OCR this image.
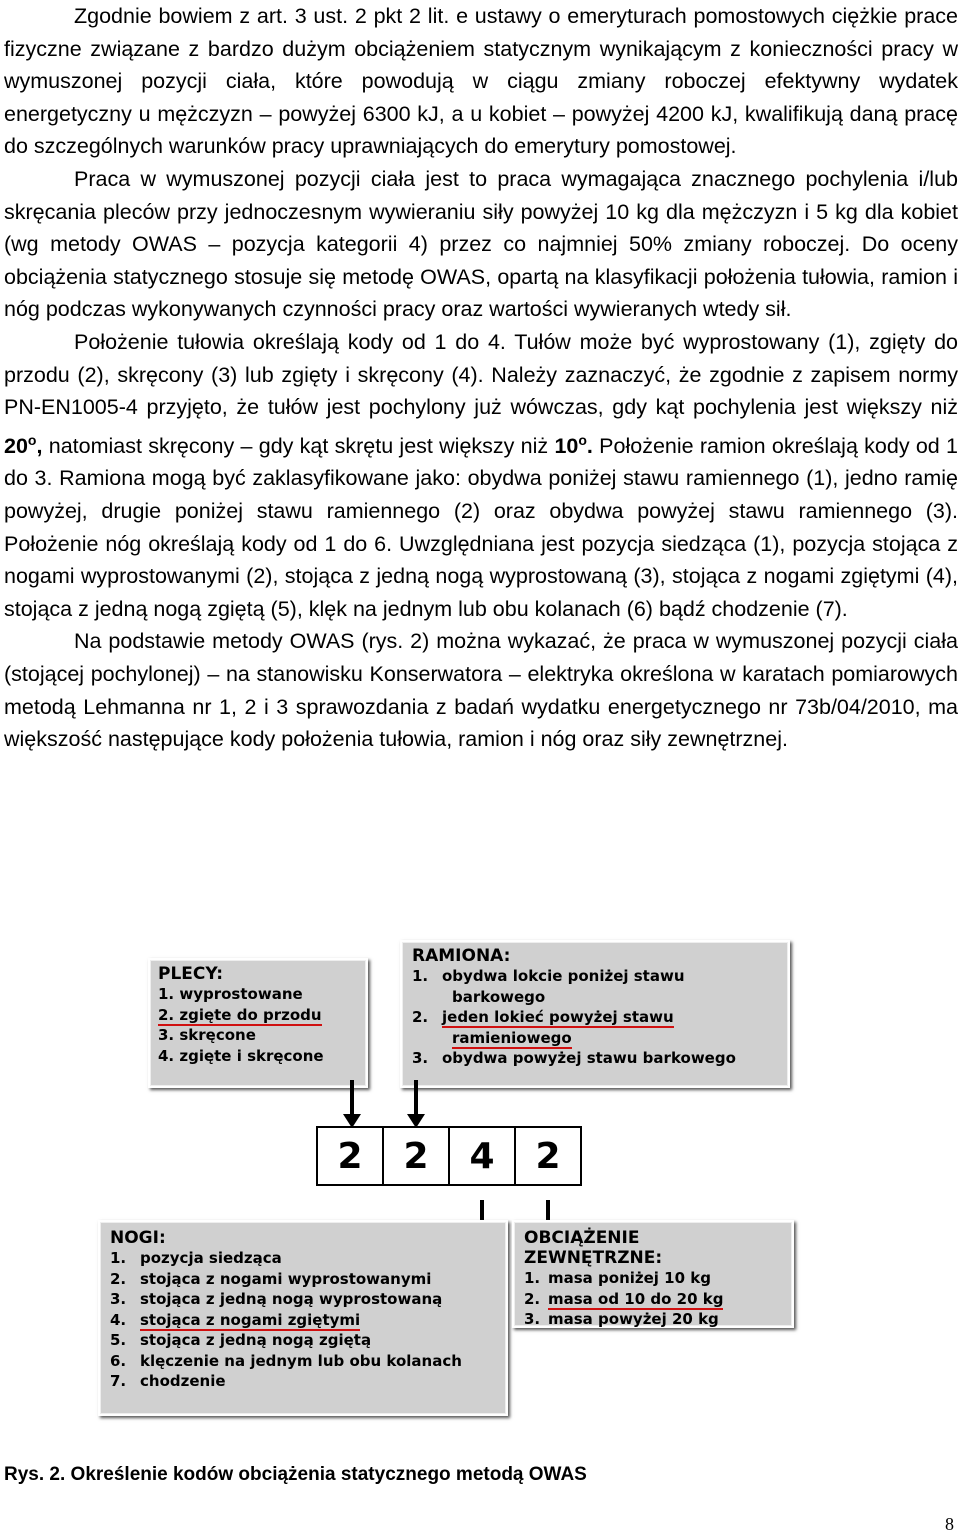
Zgodnie bowiem z art. 3 ust. 2 pkt 2 lit. e ustawy o emeryturach pomostowych ciężkie prace fizyczne związane z bardzo dużym obciążeniem statycznym wynikającym z konieczności pracy w wymuszonej pozycji ciała, które powodują w ciągu zmiany roboczej efektywny wydatek energetyczny u mężczyzn – powyżej 6300 kJ, a u kobiet – powyżej 4200 kJ, kwalifikują daną pracę do szczególnych warunków pracy uprawniających do emerytury pomostowej.

Praca w wymuszonej pozycji ciała jest to praca wymagająca znacznego pochylenia i/lub skręcania pleców przy jednoczesnym wywieraniu siły powyżej 10 kg dla mężczyzn i 5 kg dla kobiet (wg metody OWAS – pozycja kategorii 4) przez co najmniej 50% zmiany roboczej. Do oceny obciążenia statycznego stosuje się metodę OWAS, opartą na klasyfikacji położenia tułowia, ramion i nóg podczas wykonywanych czynności pracy oraz wartości wywieranych wtedy sił.

Położenie tułowia określają kody od 1 do 4. Tułów może być wyprostowany (1), zgięty do przodu (2), skręcony (3) lub zgięty i skręcony (4). Należy zaznaczyć, że zgodnie z zapisem normy PN-EN1005-4 przyjęto, że tułów jest pochylony już wówczas, gdy kąt pochylenia jest większy niż 20$^o$, natomiast skręcony – gdy kąt skrętu jest większy niż 10$^o$. Położenie ramion określają kody od 1 do 3. Ramiona mogą być zaklasyfikowane jako: obydwa poniżej stawu ramiennego (1), jedno ramię powyżej, drugie poniżej stawu ramiennego (2) oraz obydwa powyżej stawu ramiennego (3). Położenie nóg określają kody od 1 do 6. Uwzględniana jest pozycja siedząca (1), pozycja stojąca z nogami wyprostowanymi (2), stojąca z jedną nogą wyprostowaną (3), stojąca z nogami zgiętymi (4), stojąca z jedną nogą zgiętą (5), klęk na jednym lub obu kolanach (6) bądź chodzenie (7).

Na podstawie metody OWAS (rys. 2) można wykazać, że praca w wymuszonej pozycji ciała (stojącej pochylonej) – na stanowisku Konserwatora – elektryka określona w karatach pomiarowych metodą Lehmanna nr 1, 2 i 3 sprawozdania z badań wydatku energetycznego nr 73b/04/2010, ma większość następujące kody położenia tułowia, ramion i nóg oraz siły zewnętrznej.

PLECY:
1. wyprostowane
2. zgięte do przodu
3. skręcone
4. zgięte i skręcone
RAMIONA:
1. obydwa lokcie poniżej stawu
barkowego
2. jeden lokieć powyżej stawu
ramieniowego
3. obydwa powyżej stawu barkowego
2	2	4	2
NOGI:
1. pozycja siedząca
2. stojąca z nogami wyprostowanymi
3. stojąca z jedną nogą wyprostowaną
4. stojąca z nogami zgiętymi
5. stojąca z jedną nogą zgiętą
6. klęczenie na jednym lub obu kolanach
7. chodzenie
OBCIĄŻENIE ZEWNĘTRZNE:
1. masa poniżej 10 kg
2. masa od 10 do 20 kg
3. masa powyżej 20 kg
Rys. 2. Określenie kodów obciążenia statycznego metodą OWAS
8
